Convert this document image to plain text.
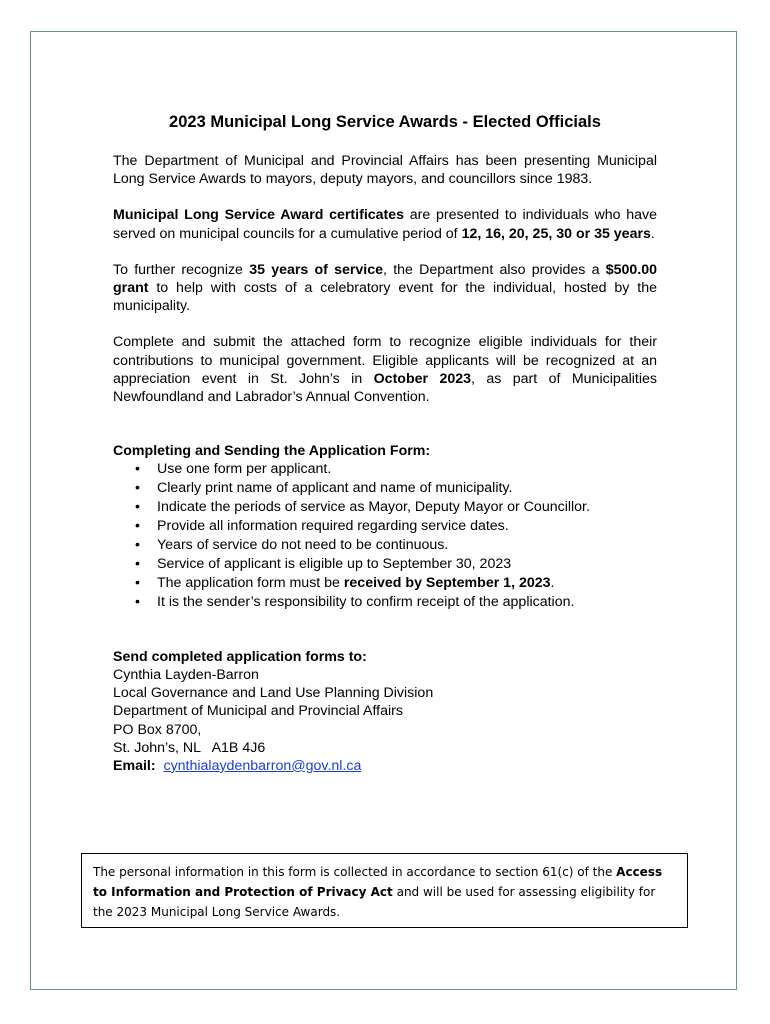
2023 Municipal Long Service Awards - Elected Officials

The Department of Municipal and Provincial Affairs has been presenting Municipal Long Service Awards to mayors, deputy mayors, and councillors since 1983.

Municipal Long Service Award certificates are presented to individuals who have served on municipal councils for a cumulative period of 12, 16, 20, 25, 30 or 35 years.

To further recognize 35 years of service, the Department also provides a $500.00 grant to help with costs of a celebratory event for the individual, hosted by the municipality.

Complete and submit the attached form to recognize eligible individuals for their contributions to municipal government. Eligible applicants will be recognized at an appreciation event in St. John’s in October 2023, as part of Municipalities Newfoundland and Labrador’s Annual Convention.

Completing and Sending the Application Form:
• Use one form per applicant.
• Clearly print name of applicant and name of municipality.
• Indicate the periods of service as Mayor, Deputy Mayor or Councillor.
• Provide all information required regarding service dates.
• Years of service do not need to be continuous.
• Service of applicant is eligible up to September 30, 2023
• The application form must be received by September 1, 2023.
• It is the sender’s responsibility to confirm receipt of the application.
Send completed application forms to:
Cynthia Layden-Barron
Local Governance and Land Use Planning Division
Department of Municipal and Provincial Affairs
PO Box 8700,
St. John’s, NL   A1B 4J6
Email: cynthialaydenbarron@gov.nl.ca
The personal information in this form is collected in accordance to section 61(c) of the Access to Information and Protection of Privacy Act and will be used for assessing eligibility for the 2023 Municipal Long Service Awards.
